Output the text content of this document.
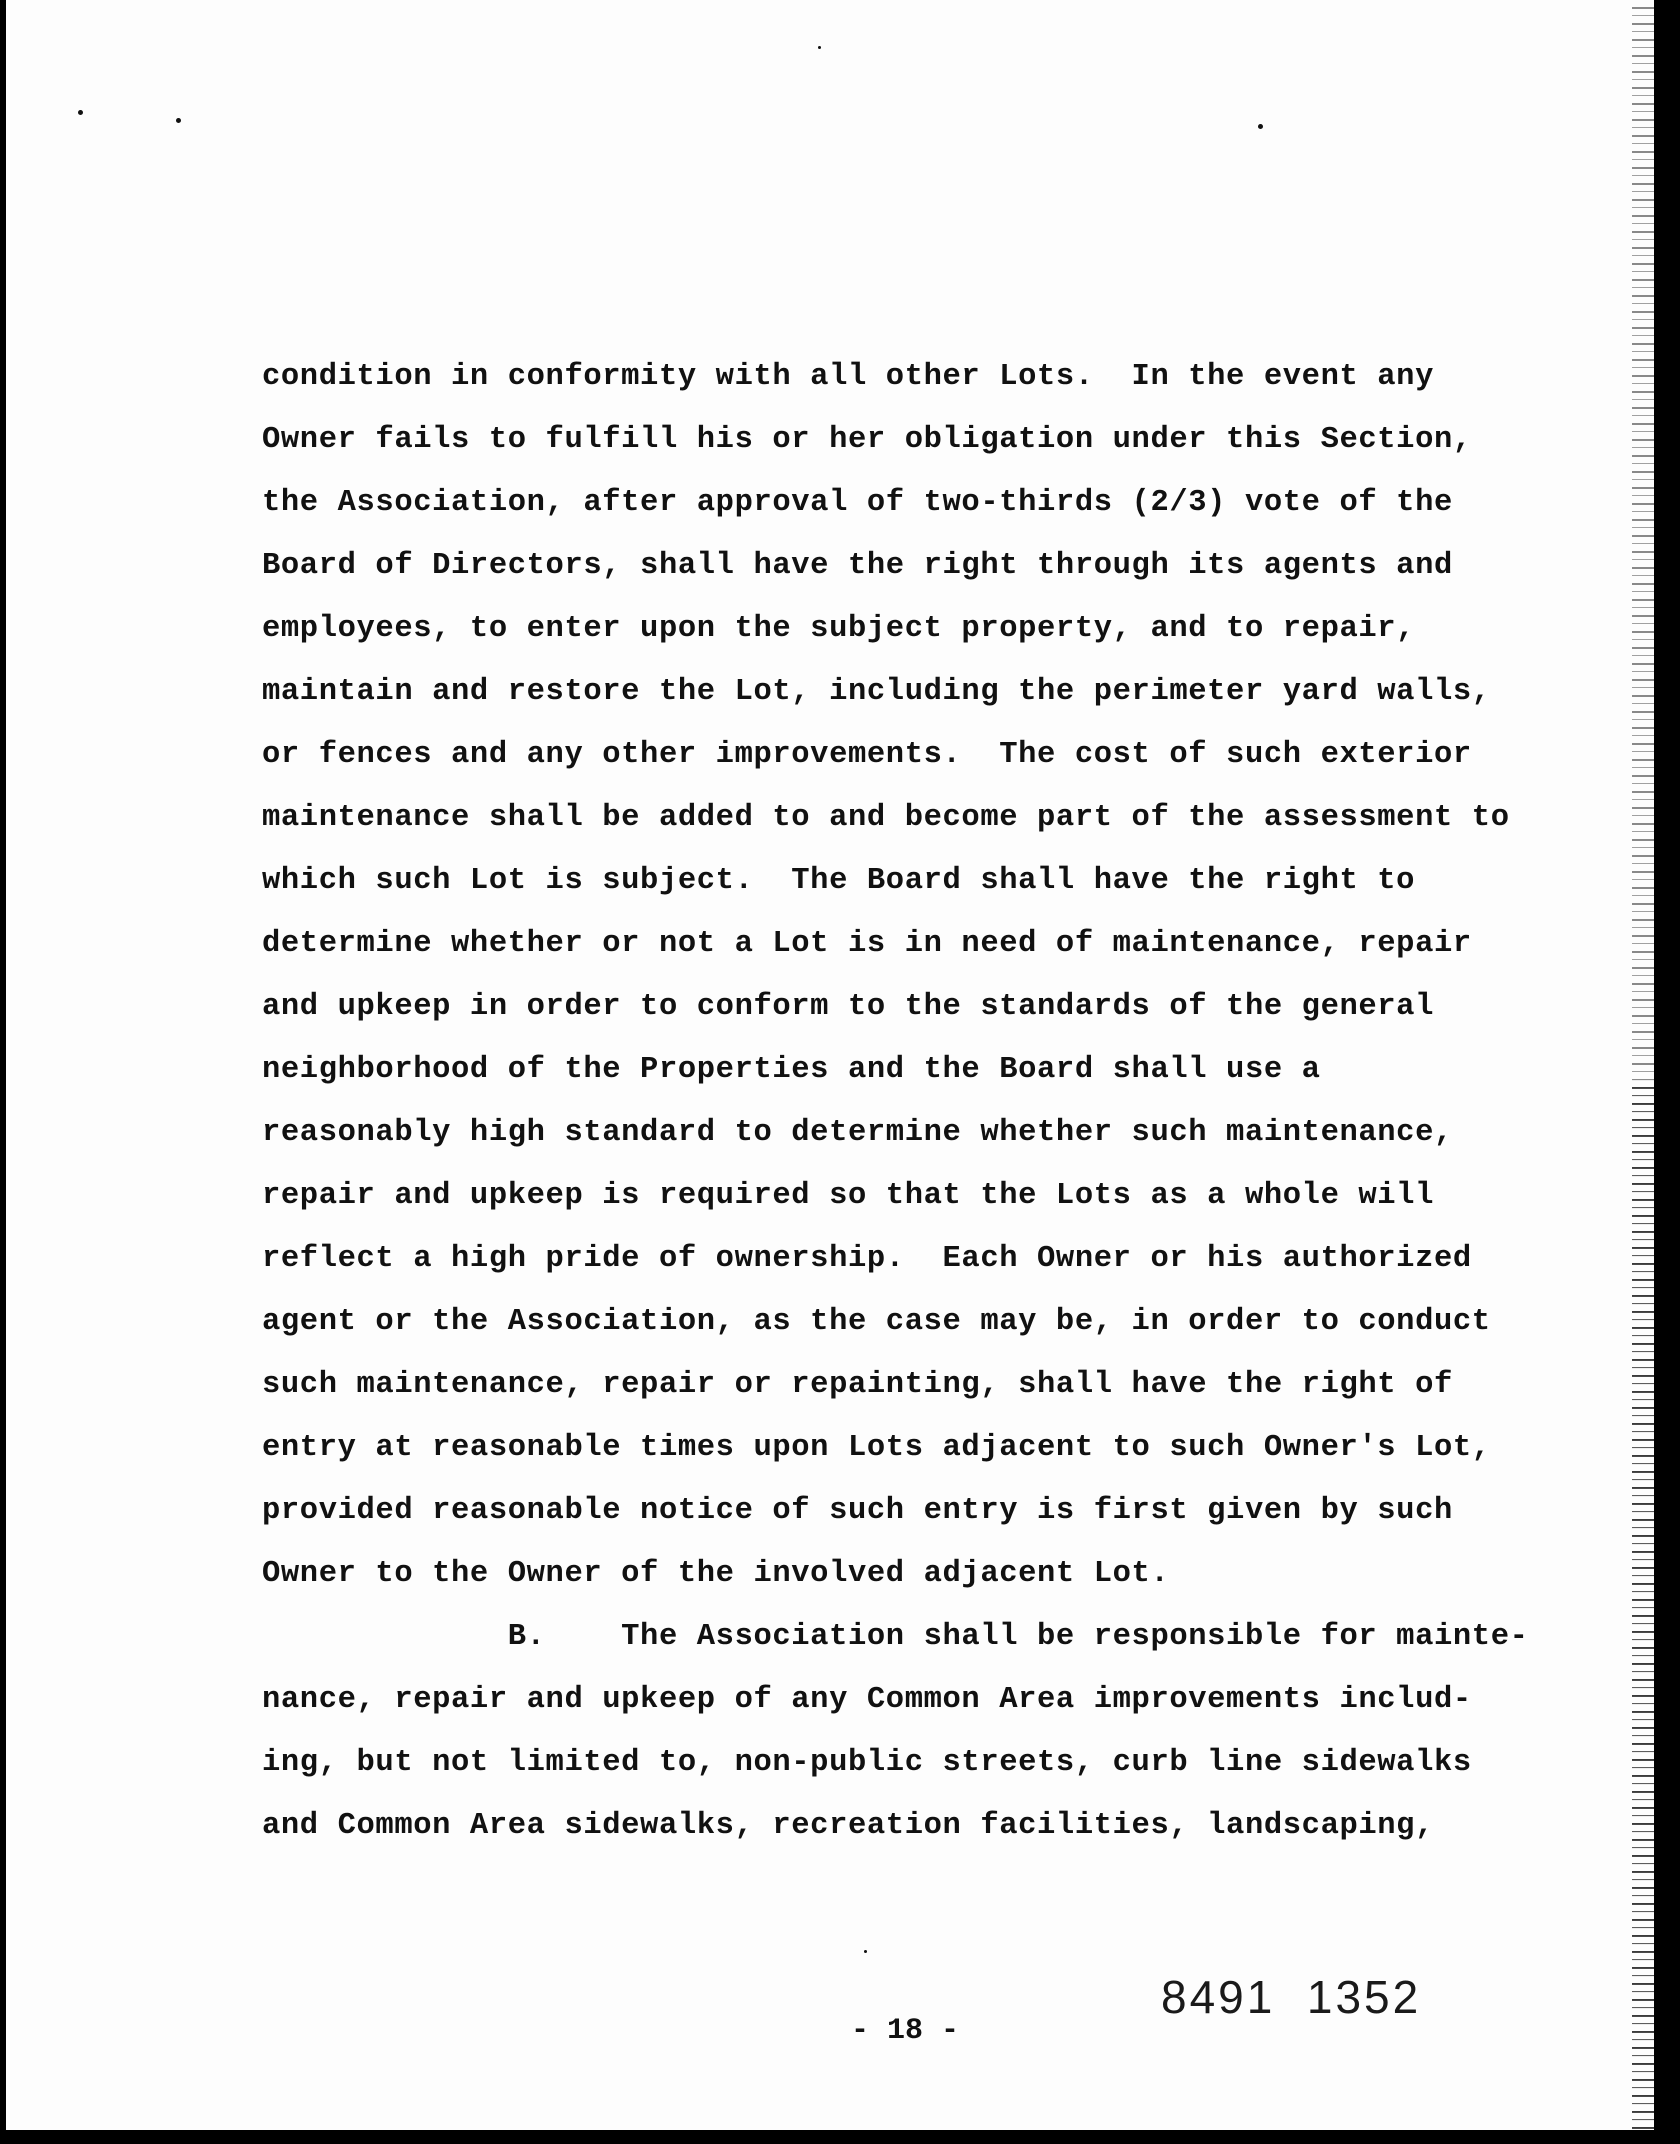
condition in conformity with all other Lots.  In the event any

Owner fails to fulfill his or her obligation under this Section,

the Association, after approval of two-thirds (2/3) vote of the

Board of Directors, shall have the right through its agents and

employees, to enter upon the subject property, and to repair,

maintain and restore the Lot, including the perimeter yard walls,

or fences and any other improvements.  The cost of such exterior

maintenance shall be added to and become part of the assessment to

which such Lot is subject.  The Board shall have the right to

determine whether or not a Lot is in need of maintenance, repair

and upkeep in order to conform to the standards of the general

neighborhood of the Properties and the Board shall use a

reasonably high standard to determine whether such maintenance,

repair and upkeep is required so that the Lots as a whole will

reflect a high pride of ownership.  Each Owner or his authorized

agent or the Association, as the case may be, in order to conduct

such maintenance, repair or repainting, shall have the right of

entry at reasonable times upon Lots adjacent to such Owner's Lot,

provided reasonable notice of such entry is first given by such

Owner to the Owner of the involved adjacent Lot.

B.    The Association shall be responsible for mainte-

nance, repair and upkeep of any Common Area improvements includ-

ing, but not limited to, non-public streets, curb line sidewalks

and Common Area sidewalks, recreation facilities, landscaping,

8491  1352
- 18 -
